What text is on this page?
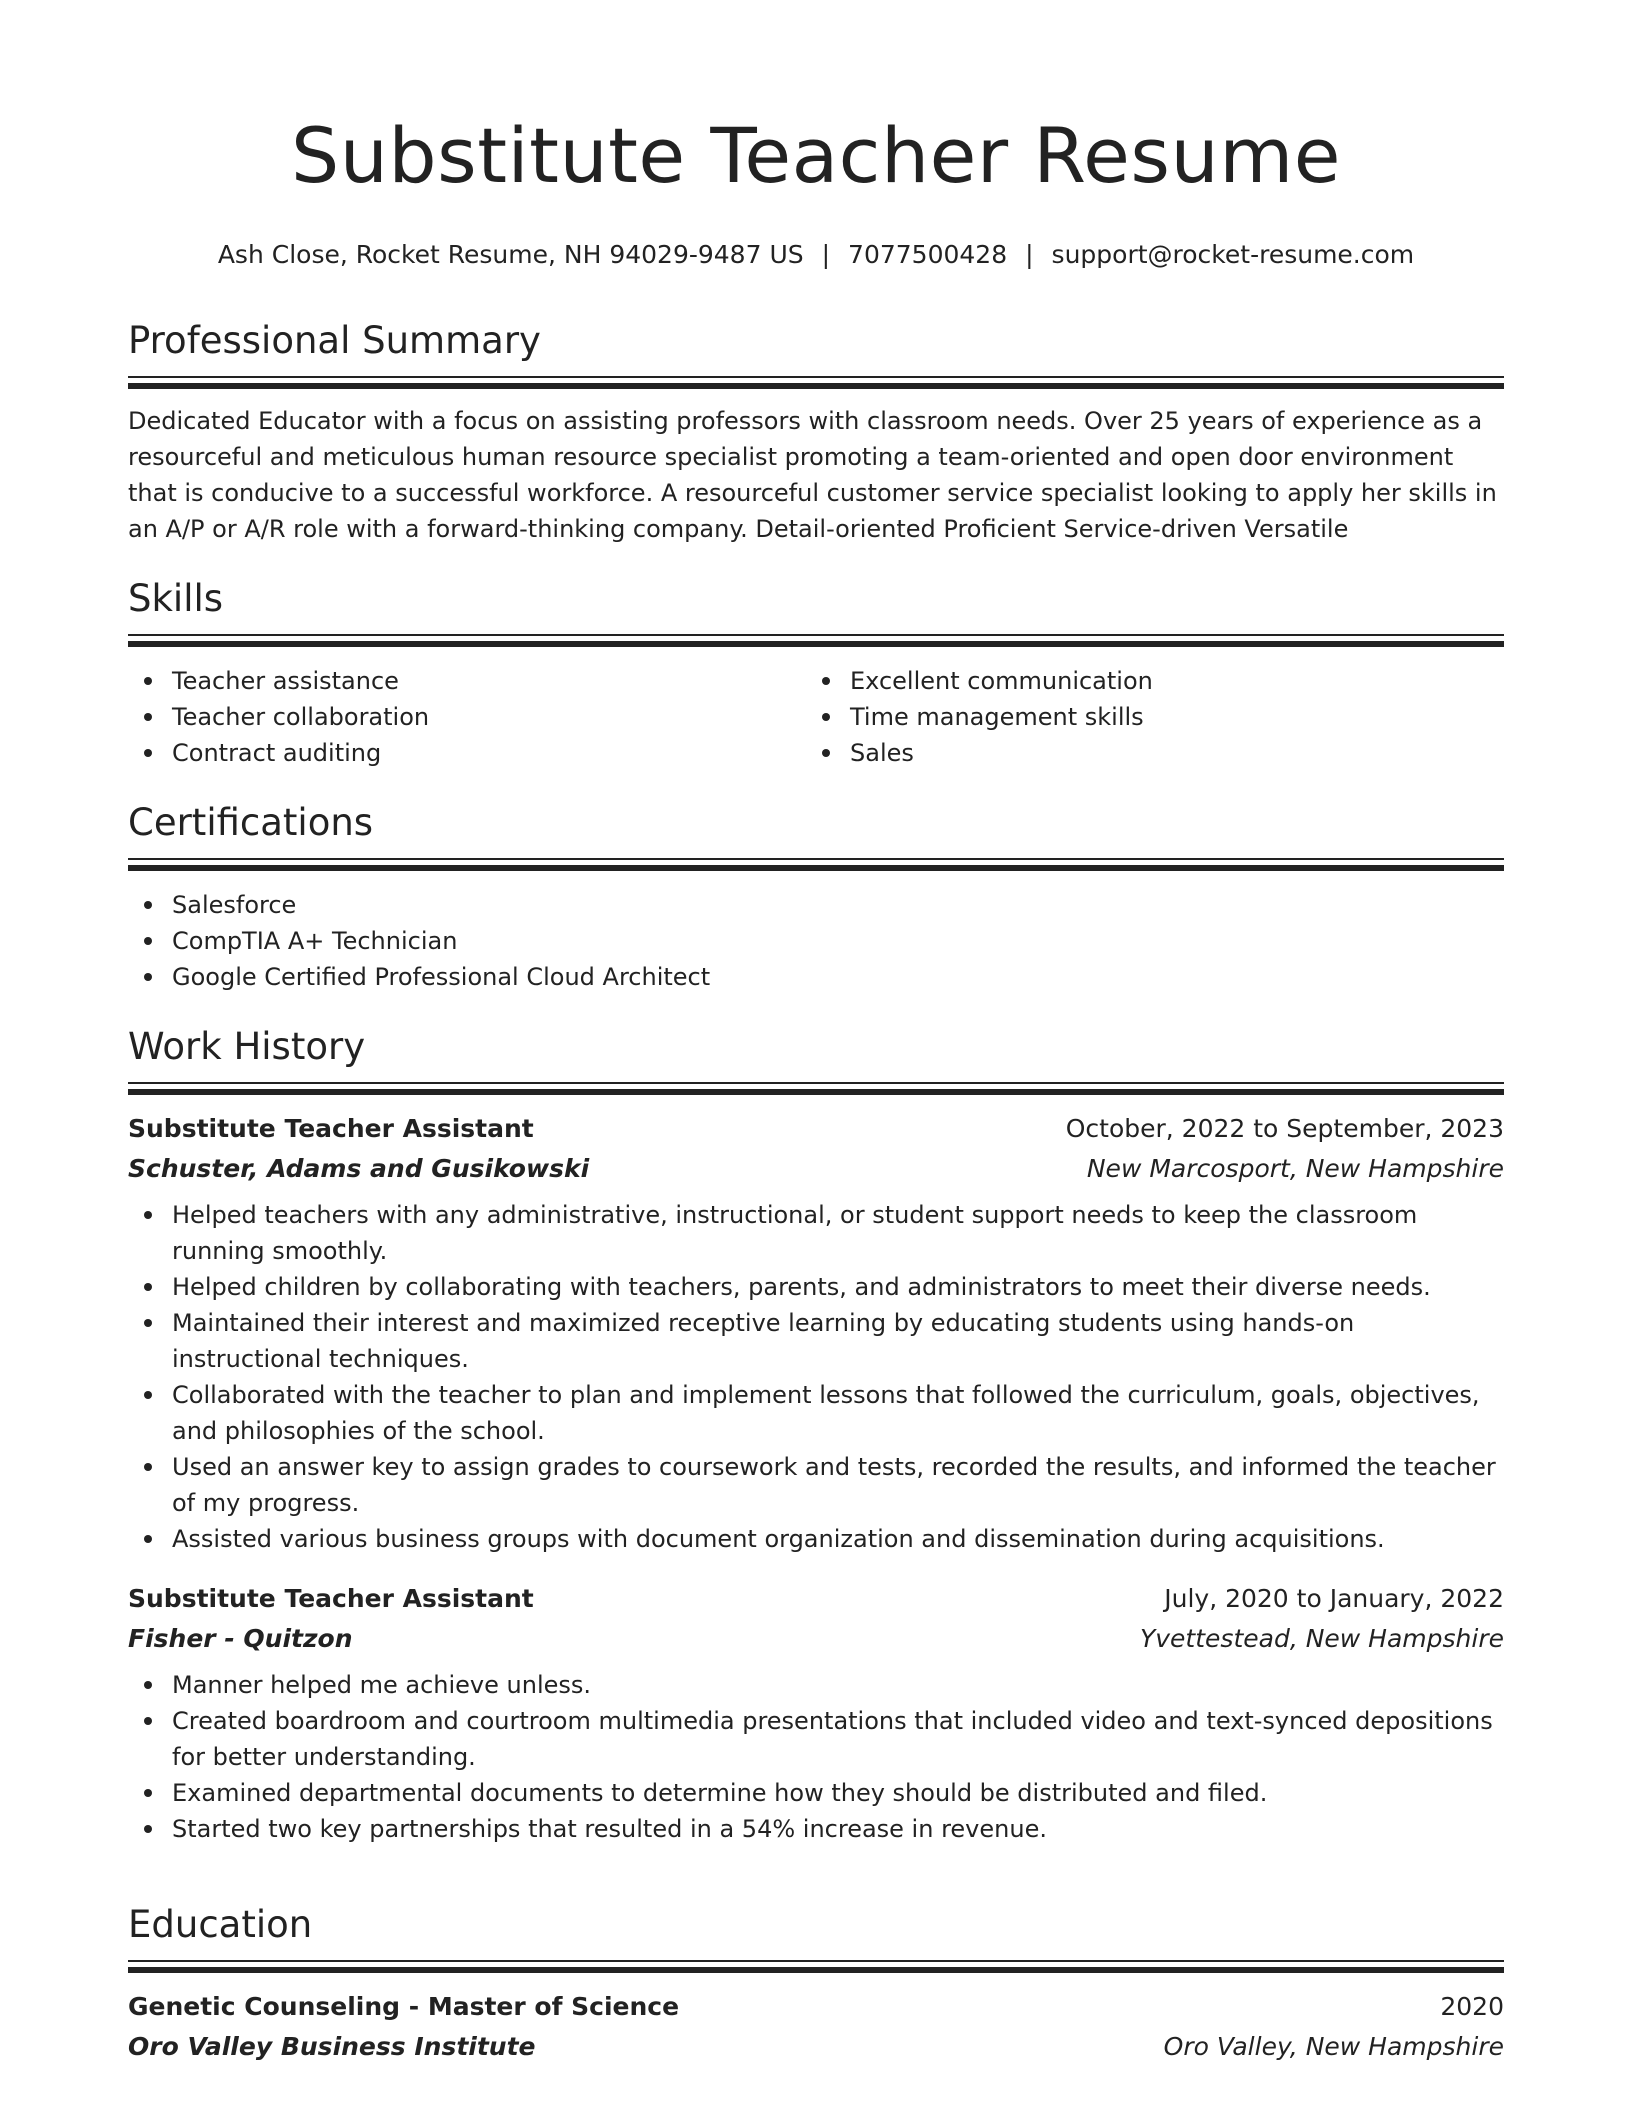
Substitute Teacher Resume
Ash Close, Rocket Resume, NH 94029-9487 US | 7077500428 | support@rocket-resume.com
Professional Summary
Dedicated Educator with a focus on assisting professors with classroom needs. Over 25 years of experience as a resourceful and meticulous human resource specialist promoting a team-oriented and open door environment that is conducive to a successful workforce. A resourceful customer service specialist looking to apply her skills in an A/P or A/R role with a forward-thinking company. Detail-oriented Proficient Service-driven Versatile
Skills
Teacher assistance
Teacher collaboration
Contract auditing
Excellent communication
Time management skills
Sales
Certifications
Salesforce
CompTIA A+ Technician
Google Certified Professional Cloud Architect
Work History
Substitute Teacher Assistant	October, 2022 to September, 2023
Schuster, Adams and Gusikowski	New Marcosport, New Hampshire
Helped teachers with any administrative, instructional, or student support needs to keep the classroom running smoothly.
Helped children by collaborating with teachers, parents, and administrators to meet their diverse needs.
Maintained their interest and maximized receptive learning by educating students using hands-on instructional techniques.
Collaborated with the teacher to plan and implement lessons that followed the curriculum, goals, objectives, and philosophies of the school.
Used an answer key to assign grades to coursework and tests, recorded the results, and informed the teacher of my progress.
Assisted various business groups with document organization and dissemination during acquisitions.
Substitute Teacher Assistant	July, 2020 to January, 2022
Fisher - Quitzon	Yvettestead, New Hampshire
Manner helped me achieve unless.
Created boardroom and courtroom multimedia presentations that included video and text-synced depositions for better understanding.
Examined departmental documents to determine how they should be distributed and filed.
Started two key partnerships that resulted in a 54% increase in revenue.
Education
Genetic Counseling - Master of Science	2020
Oro Valley Business Institute	Oro Valley, New Hampshire
